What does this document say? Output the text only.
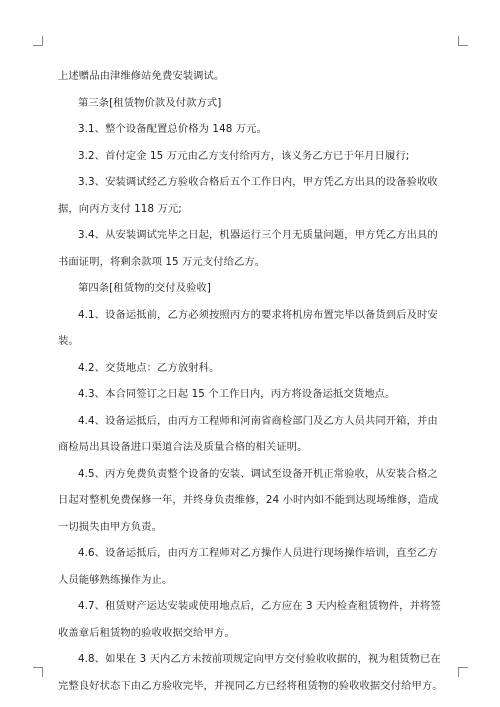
上述赠品由津维修站免费安装调试。

第三条[租赁物价款及付款方式]

3.1、整个设备配置总价格为 148 万元。

3.2、首付定金 15 万元由乙方支付给丙方，该义务乙方已于年月日履行;

3.3、安装调试经乙方验收合格后五个工作日内，甲方凭乙方出具的设备验收收据，向丙方支付 118 万元;

3.4、从安装调试完毕之日起，机器运行三个月无质量问题，甲方凭乙方出具的书面证明，将剩余款项 15 万元支付给乙方。

第四条[租赁物的交付及验收]

4.1、设备运抵前，乙方必须按照丙方的要求将机房布置完毕以备货到后及时安装。

4.2、交货地点：乙方放射科。

4.3、本合同签订之日起 15 个工作日内，丙方将设备运抵交货地点。

4.4、设备运抵后，由丙方工程师和河南省商检部门及乙方人员共同开箱，并由商检局出具设备进口渠道合法及质量合格的相关证明。

4.5、丙方免费负责整个设备的安装、调试至设备开机正常验收，从安装合格之日起对整机免费保修一年，并终身负责维修，24 小时内如不能到达现场维修，造成一切损失由甲方负责。

4.6、设备运抵后，由丙方工程师对乙方操作人员进行现场操作培训，直至乙方人员能够熟练操作为止。

4.7、租赁财产运达安装或使用地点后，乙方应在 3 天内检查租赁物件，并将签收盖章后租赁物的验收收据交给甲方。

4.8、如果在 3 天内乙方未按前项规定向甲方交付验收收据的，视为租赁物已在完整良好状态下由乙方验收完毕，并视同乙方已经将租赁物的验收收据交付给甲方。
